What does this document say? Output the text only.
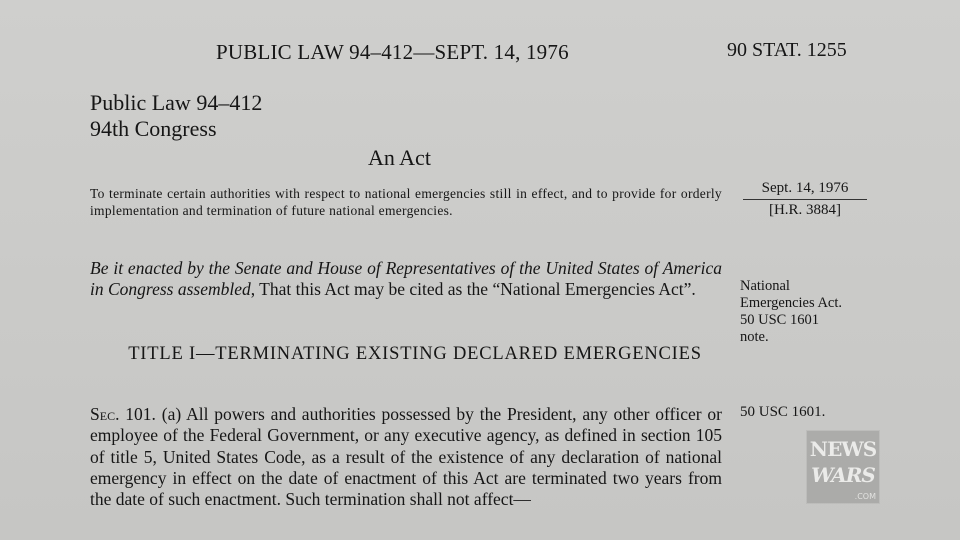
PUBLIC LAW 94–412—SEPT. 14, 1976	90 STAT. 1255
Public Law 94–412
94th Congress
An Act
To terminate certain authorities with respect to national emergencies still in effect, and to provide for orderly implementation and termination of future national emergencies.
Sept. 14, 1976
[H.R. 3884]
Be it enacted by the Senate and House of Representatives of the United States of America in Congress assembled, That this Act may be cited as the “National Emergencies Act”.	National
Emergencies Act.
50 USC 1601
note.
TITLE I—TERMINATING EXISTING DECLARED EMERGENCIES
Sec. 101. (a) All powers and authorities possessed by the President, any other officer or employee of the Federal Government, or any executive agency, as defined in section 105 of title 5, United States Code, as a result of the existence of any declaration of national emergency in effect on the date of enactment of this Act are terminated two years from the date of such enactment. Such termination shall not affect—
50 USC 1601.
NEWS
WARS
.COM
